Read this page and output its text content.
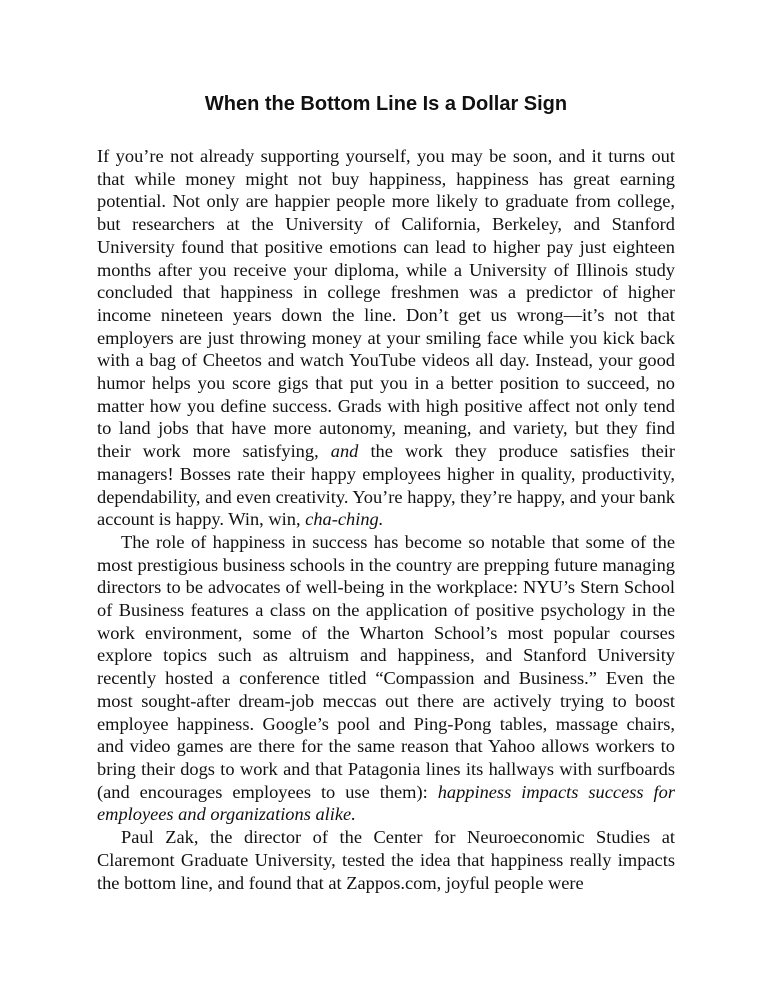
When the Bottom Line Is a Dollar Sign

If you’re not already supporting yourself, you may be soon, and it turns out that while money might not buy happiness, happiness has great earning potential. Not only are happier people more likely to graduate from college, but researchers at the University of California, Berkeley, and Stanford University found that positive emotions can lead to higher pay just eighteen months after you receive your diploma, while a University of Illinois study concluded that happiness in college freshmen was a predictor of higher income nineteen years down the line. Don’t get us wrong—it’s not that employers are just throwing money at your smiling face while you kick back with a bag of Cheetos and watch YouTube videos all day. Instead, your good humor helps you score gigs that put you in a better position to succeed, no matter how you define success. Grads with high positive affect not only tend to land jobs that have more autonomy, meaning, and variety, but they find their work more satisfying, and the work they produce satisfies their managers! Bosses rate their happy employees higher in quality, productivity, dependability, and even creativity. You’re happy, they’re happy, and your bank account is happy. Win, win, cha-ching.

The role of happiness in success has become so notable that some of the most prestigious business schools in the country are prepping future managing directors to be advocates of well-being in the workplace: NYU’s Stern School of Business features a class on the application of positive psychology in the work environment, some of the Wharton School’s most popular courses explore topics such as altruism and happiness, and Stanford University recently hosted a conference titled “Compassion and Business.” Even the most sought-after dream-job meccas out there are actively trying to boost employee happiness. Google’s pool and Ping-Pong tables, massage chairs, and video games are there for the same reason that Yahoo allows workers to bring their dogs to work and that Patagonia lines its hallways with surfboards (and encourages employees to use them): happiness impacts success for employees and organizations alike.

Paul Zak, the director of the Center for Neuroeconomic Studies at Claremont Graduate University, tested the idea that happiness really impacts the bottom line, and found that at Zappos.com, joyful people were
